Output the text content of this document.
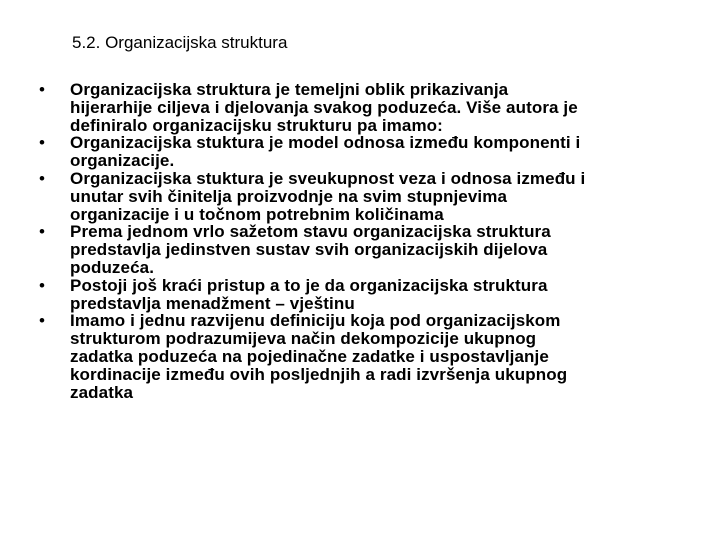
5.2. Organizacijska struktura
•	Organizacijska struktura je temeljni oblik prikazivanja
hijerarhije ciljeva i djelovanja svakog poduzeća. Više autora je
definiralo organizacijsku strukturu pa imamo:
•	Organizacijska stuktura je model odnosa između komponenti i
organizacije.
•	Organizacijska stuktura je sveukupnost veza i odnosa između i
unutar svih činitelja proizvodnje na svim stupnjevima
organizacije i u točnom potrebnim količinama
•	Prema jednom vrlo sažetom stavu organizacijska struktura
predstavlja jedinstven sustav svih organizacijskih dijelova
poduzeća.
•	Postoji još kraći pristup a to je da organizacijska struktura
predstavlja menadžment – vještinu
•	Imamo i jednu razvijenu definiciju koja pod organizacijskom
strukturom podrazumijeva način dekompozicije ukupnog
zadatka poduzeća na pojedinačne zadatke i uspostavljanje
kordinacije između ovih posljednjih a radi izvršenja ukupnog
zadatka
